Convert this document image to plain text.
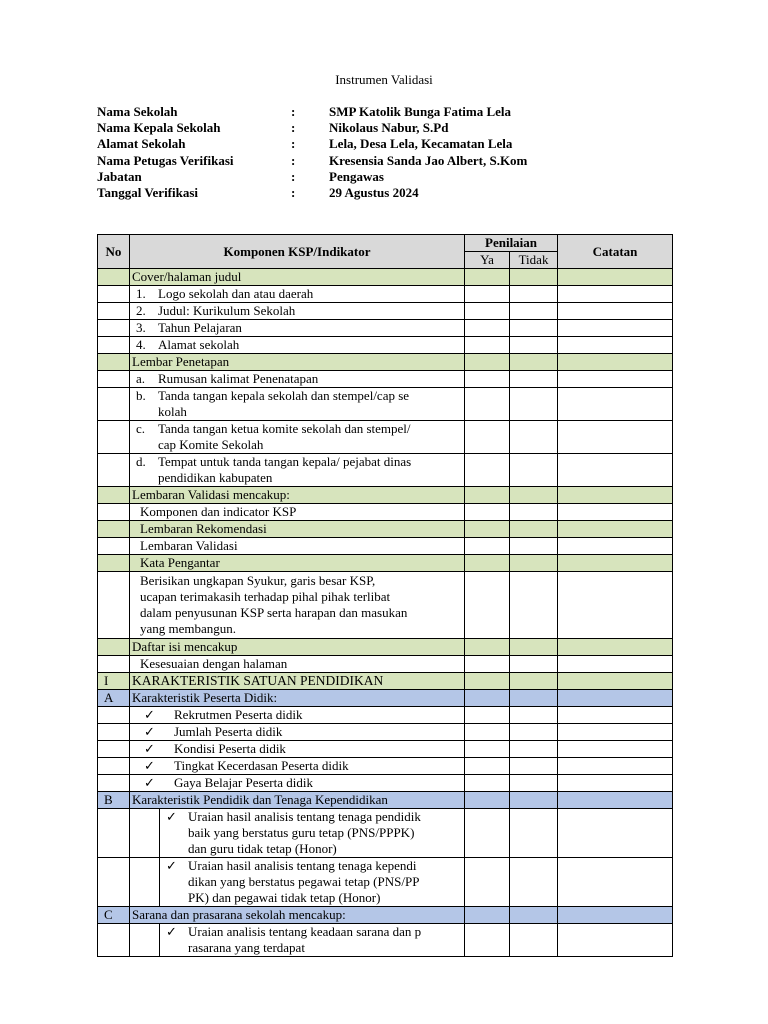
Instrumen Validasi
Nama Sekolah	:	SMP Katolik Bunga Fatima Lela
Nama Kepala Sekolah	:	Nikolaus Nabur, S.Pd
Alamat Sekolah	:	Lela, Desa Lela, Kecamatan Lela
Nama Petugas Verifikasi	:	Kresensia Sanda Jao Albert, S.Kom
Jabatan	:	Pengawas
Tanggal Verifikasi	:	29 Agustus 2024
No	Komponen KSP/Indikator		Penilaian		Catatan
			Ya	Tidak	
	Cover/halaman judul				
	1. Logo sekolah dan atau daerah				
	2. Judul: Kurikulum Sekolah				
	3. Tahun Pelajaran				
	4. Alamat sekolah				
	Lembar Penetapan				
	a. Rumusan kalimat Penenatapan				

	b. Tanda tangan kepala sekolah dan stempel/cap se
kolah				

	c. Tanda tangan ketua komite sekolah dan stempel/
cap Komite Sekolah				

	d. Tempat untuk tanda tangan kepala/ pejabat dinas
pendidikan kabupaten				

	Lembaran Validasi mencakup:				
	Komponen dan indicator KSP				
	Lembaran Rekomendasi				
	Lembaran Validasi				
	Kata Pengantar				
	Berisikan ungkapan Syukur, garis besar KSP,
ucapan terimakasih terhadap pihal pihak terlibat
dalam penyusunan KSP serta harapan dan masukan
yang membangun.				
	Daftar isi mencakup				
	Kesesuaian dengan halaman				
I	KARAKTERISTIK SATUAN PENDIDIKAN				
A	Karakteristik Peserta Didik:				

	✓ Rekrutmen Peserta didik				

	✓ Jumlah Peserta didik				

	✓ Kondisi Peserta didik				

	✓ Tingkat Kecerdasan Peserta didik				

	✓ Gaya Belajar Peserta didik				
B	Karakteristik Pendidik dan Tenaga Kependidikan				

		✓ Uraian hasil analisis tentang tenaga pendidik
baik yang berstatus guru tetap (PNS/PPPK)
dan guru tidak tetap (Honor)			

		✓ Uraian hasil analisis tentang tenaga kependi
dikan yang berstatus pegawai tetap (PNS/PP
PK) dan pegawai tidak tetap (Honor)			
C	Sarana dan prasarana sekolah mencakup:				

		✓ Uraian analisis tentang keadaan sarana dan p
rasarana yang terdapat			
